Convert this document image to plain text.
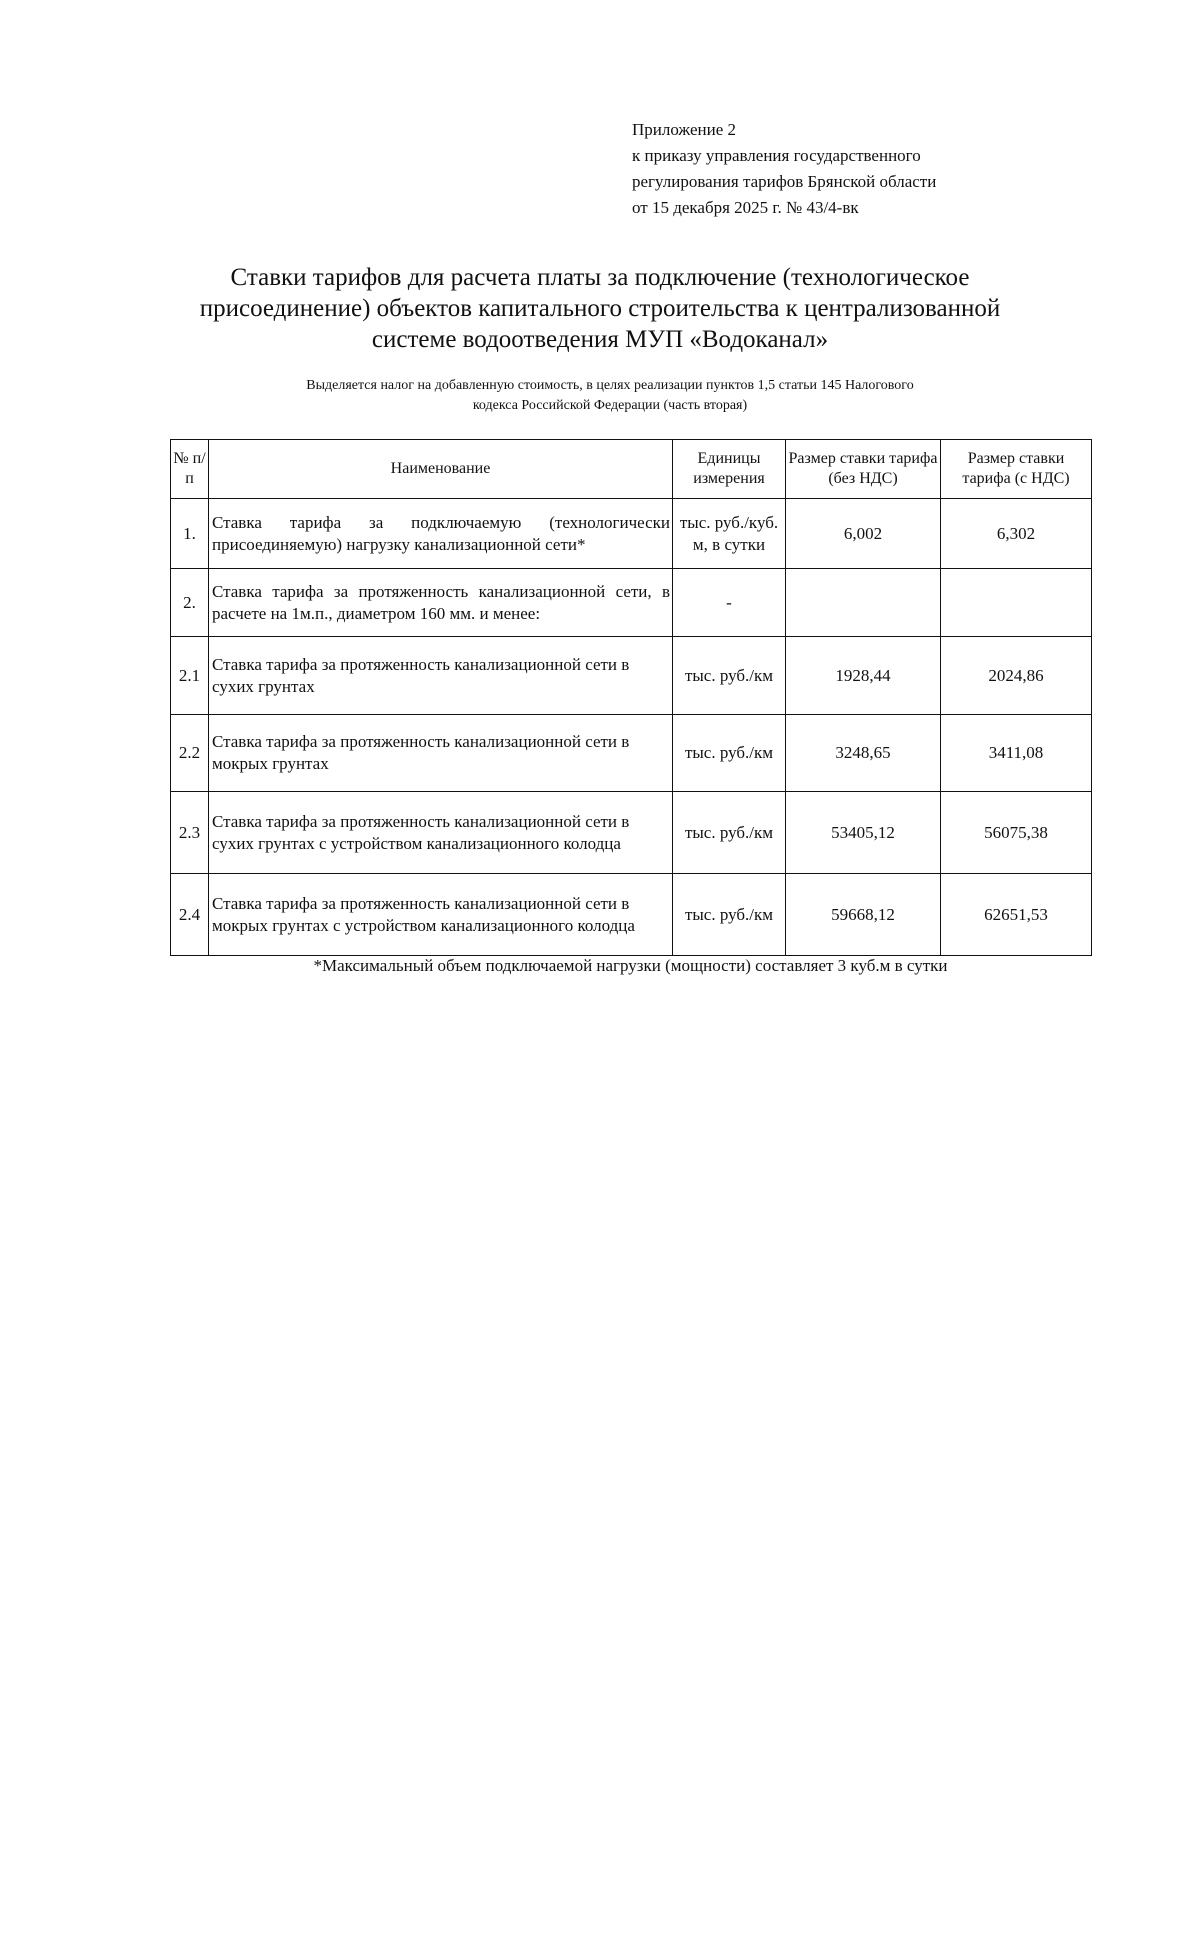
Приложение 2
к приказу управления государственного
регулирования тарифов Брянской области
от 15 декабря 2025 г. № 43/4-вк
Ставки тарифов для расчета платы за подключение (технологическое
присоединение) объектов капитального строительства к централизованной
системе водоотведения МУП «Водоканал»
Выделяется налог на добавленную стоимость, в целях реализации пунктов 1,5 статьи 145 Налогового
кодекса Российской Федерации (часть вторая)
№ п/п	Наименование	Единицы измерения	Размер ставки тарифа (без НДС)	Размер ставки тарифа (с НДС)
1.	Ставка тарифа за подключаемую (технологически присоединяемую) нагрузку канализационной сети*	тыс. руб./куб. м, в сутки	6,002	6,302
2.	Ставка тарифа за протяженность канализационной сети, в расчете на 1м.п., диаметром 160 мм. и менее:	-		
2.1	Ставка тарифа за протяженность канализационной сети в сухих грунтах	тыс. руб./км	1928,44	2024,86
2.2	Ставка тарифа за протяженность канализационной сети в мокрых грунтах	тыс. руб./км	3248,65	3411,08
2.3	Ставка тарифа за протяженность канализационной сети в сухих грунтах с устройством канализационного колодца	тыс. руб./км	53405,12	56075,38
2.4	Ставка тарифа за протяженность канализационной сети в мокрых грунтах с устройством канализационного колодца	тыс. руб./км	59668,12	62651,53
*Максимальный объем подключаемой нагрузки (мощности) составляет 3 куб.м в сутки
